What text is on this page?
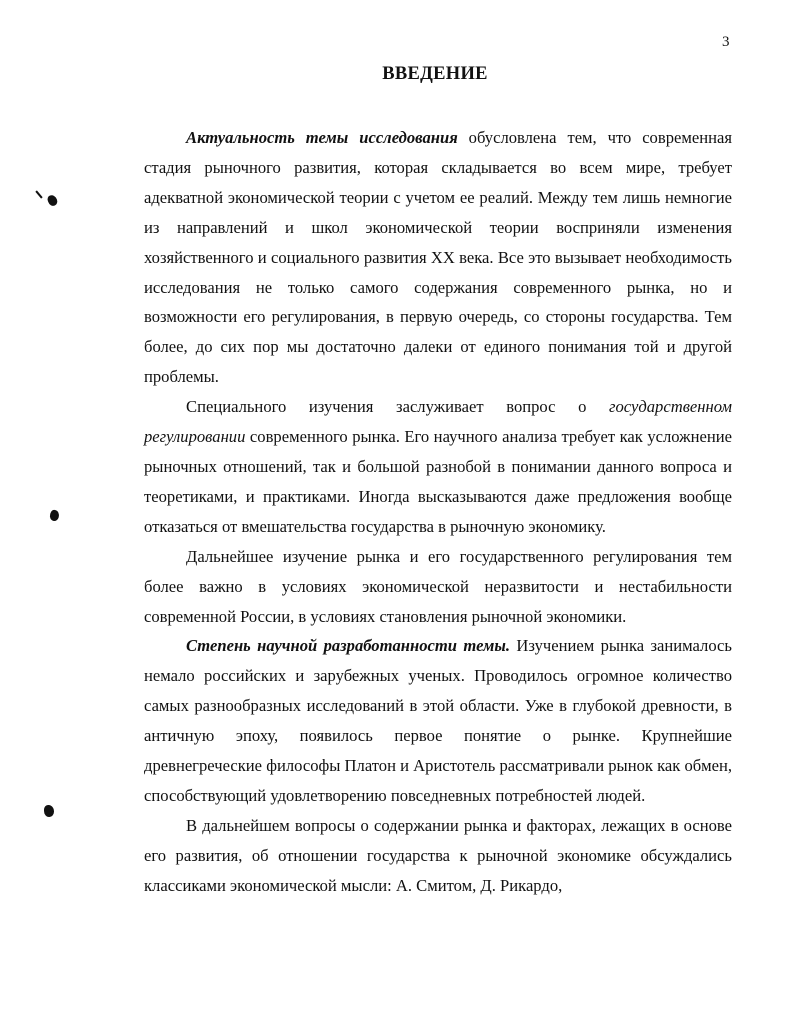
3
ВВЕДЕНИЕ

Актуальность темы исследования обусловлена тем, что современная стадия рыночного развития, которая складывается во всем мире, требует адекватной экономической теории с учетом ее реалий. Между тем лишь немногие из направлений и школ экономической теории восприняли изменения хозяйственного и социального развития XX века. Все это вызывает необходимость исследования не только самого содержания современного рынка, но и возможности его регулирования, в первую очередь, со стороны государства. Тем более, до сих пор мы достаточно далеки от единого понимания той и другой проблемы.

Специального изучения заслуживает вопрос о государственном регулировании современного рынка. Его научного анализа требует как усложнение рыночных отношений, так и большой разнобой в понимании данного вопроса и теоретиками, и практиками. Иногда высказываются даже предложения вообще отказаться от вмешательства государства в рыночную экономику.

Дальнейшее изучение рынка и его государственного регулирования тем более важно в условиях экономической неразвитости и нестабильности современной России, в условиях становления рыночной экономики.

Степень научной разработанности темы. Изучением рынка занималось немало российских и зарубежных ученых. Проводилось огромное количество самых разнообразных исследований в этой области. Уже в глубокой древности, в античную эпоху, появилось первое понятие о рынке. Крупнейшие древнегреческие философы Платон и Аристотель рассматривали рынок как обмен, способствующий удовлетворению повседневных потребностей людей.

В дальнейшем вопросы о содержании рынка и факторах, лежащих в основе его развития, об отношении государства к рыночной экономике обсуждались классиками экономической мысли: А. Смитом, Д. Рикардо,
